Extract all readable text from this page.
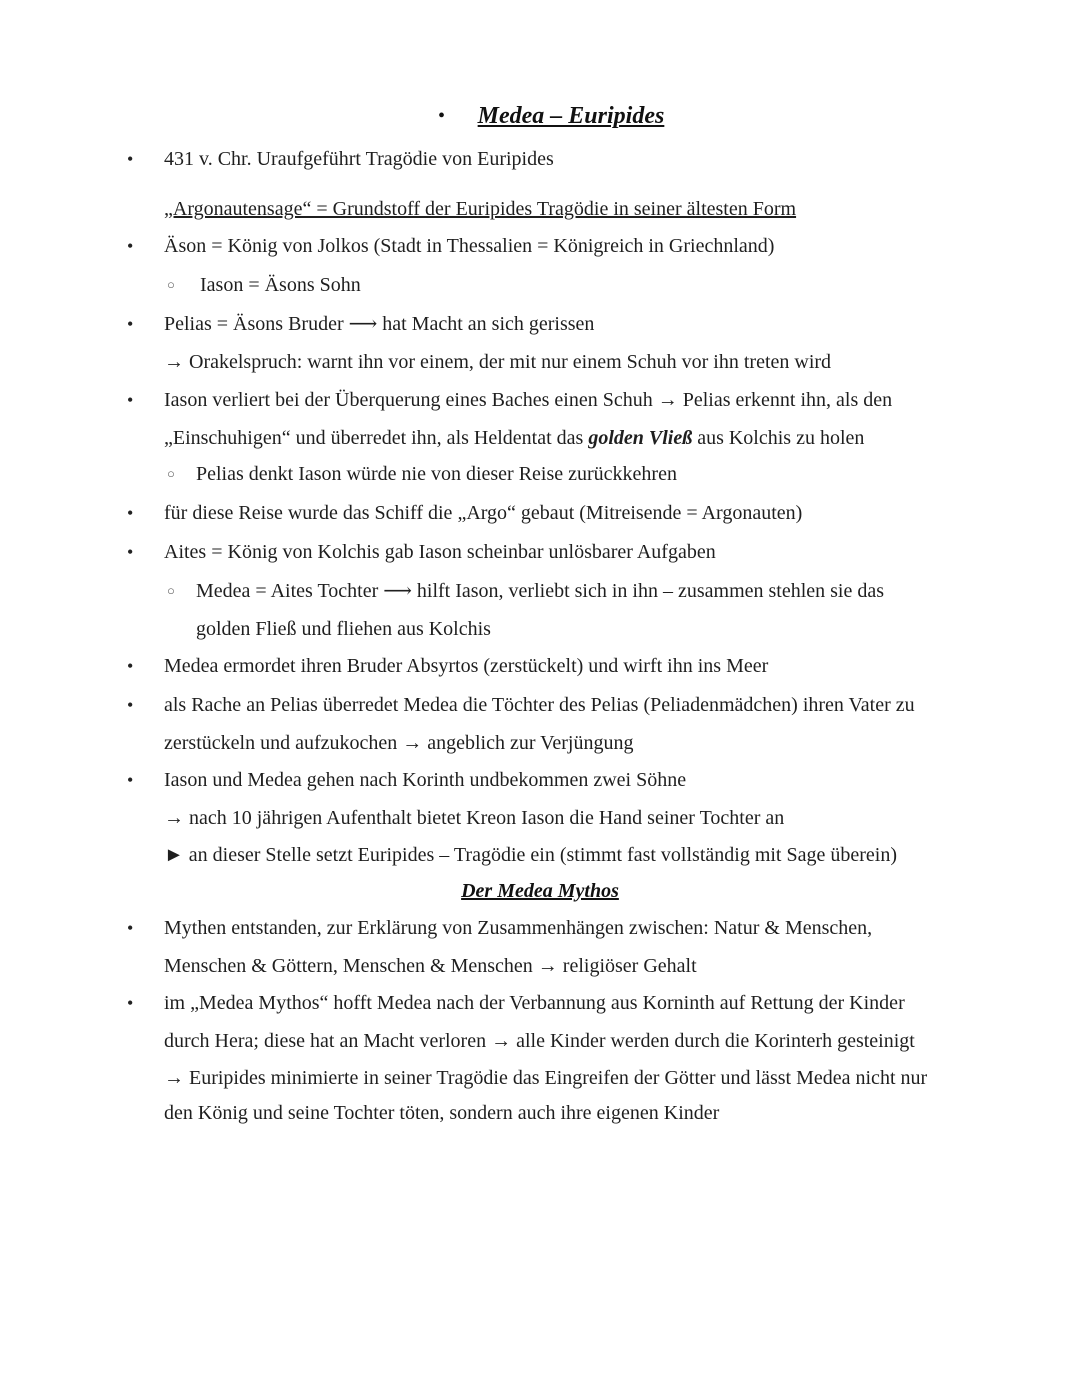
•	Medea – Euripides
• 431 v. Chr. Uraufgeführt Tragödie von Euripides
„Argonautensage“ = Grundstoff der Euripides Tragödie in seiner ältesten Form
• Äson = König von Jolkos (Stadt in Thessalien = Königreich in Griechnland)
○ Iason = Äsons Sohn
• Pelias = Äsons Bruder ⟶ hat Macht an sich gerissen
→ Orakelspruch: warnt ihn vor einem, der mit nur einem Schuh vor ihn treten wird
• Iason verliert bei der Überquerung eines Baches einen Schuh → Pelias erkennt ihn, als den
„Einschuhigen“ und überredet ihn, als Heldentat das golden Vließ aus Kolchis zu holen
○ Pelias denkt Iason würde nie von dieser Reise zurückkehren
• für diese Reise wurde das Schiff die „Argo“ gebaut (Mitreisende = Argonauten)
• Aites = König von Kolchis gab Iason scheinbar unlösbarer Aufgaben
○ Medea = Aites Tochter ⟶ hilft Iason, verliebt sich in ihn – zusammen stehlen sie das
golden Fließ und fliehen aus Kolchis
• Medea ermordet ihren Bruder Absyrtos (zerstückelt) und wirft ihn ins Meer
• als Rache an Pelias überredet Medea die Töchter des Pelias (Peliadenmädchen) ihren Vater zu
zerstückeln und aufzukochen → angeblich zur Verjüngung
• Iason und Medea gehen nach Korinth undbekommen zwei Söhne
→ nach 10 jährigen Aufenthalt bietet Kreon Iason die Hand seiner Tochter an
► an dieser Stelle setzt Euripides – Tragödie ein (stimmt fast vollständig mit Sage überein)
Der Medea Mythos
• Mythen entstanden, zur Erklärung von Zusammenhängen zwischen: Natur & Menschen,
Menschen & Göttern, Menschen & Menschen → religiöser Gehalt
• im „Medea Mythos“ hofft Medea nach der Verbannung aus Korninth auf Rettung der Kinder
durch Hera; diese hat an Macht verloren → alle Kinder werden durch die Korinterh gesteinigt
→ Euripides minimierte in seiner Tragödie das Eingreifen der Götter und lässt Medea nicht nur
den König und seine Tochter töten, sondern auch ihre eigenen Kinder
